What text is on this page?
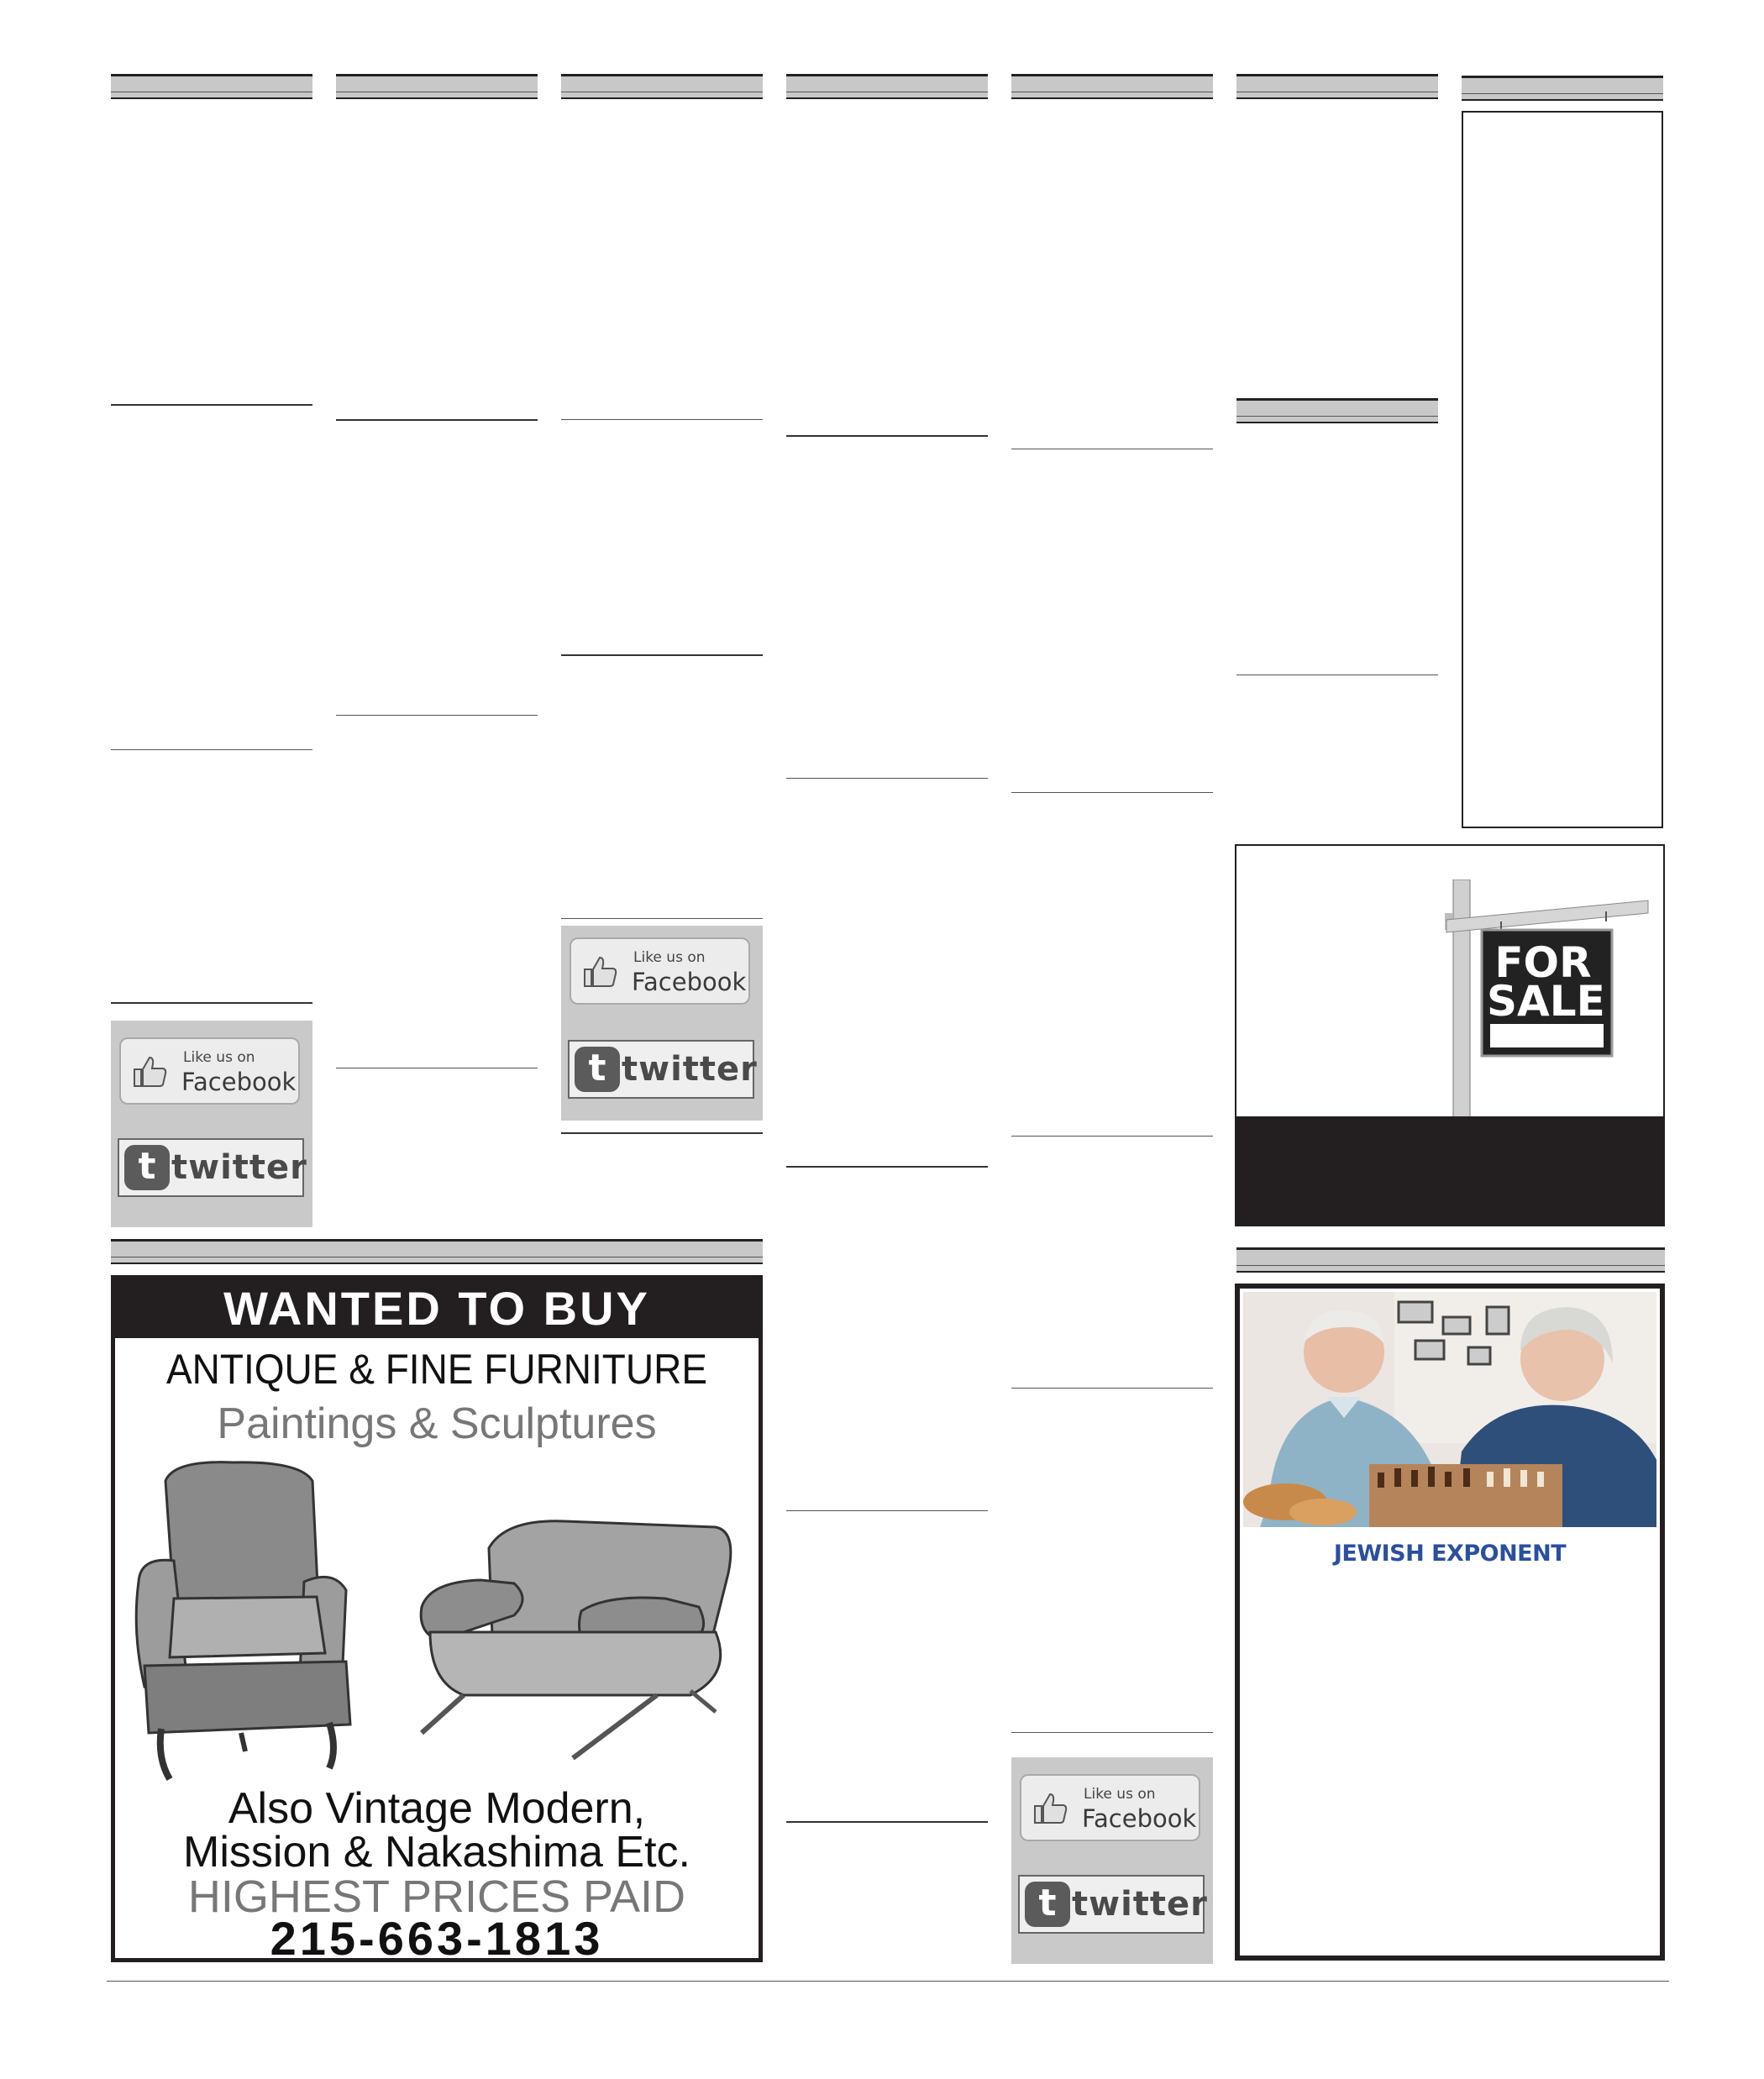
Like us on
Facebook
t twitter
Like us on
Facebook
t twitter
Like us on
Facebook
t twitter
WANTED TO BUY
ANTIQUE & FINE FURNITURE
Paintings & Sculptures
Also Vintage Modern,
Mission & Nakashima Etc.
HIGHEST PRICES PAID
215-663-1813
FOR
SALE
JEWISH EXPONENT
